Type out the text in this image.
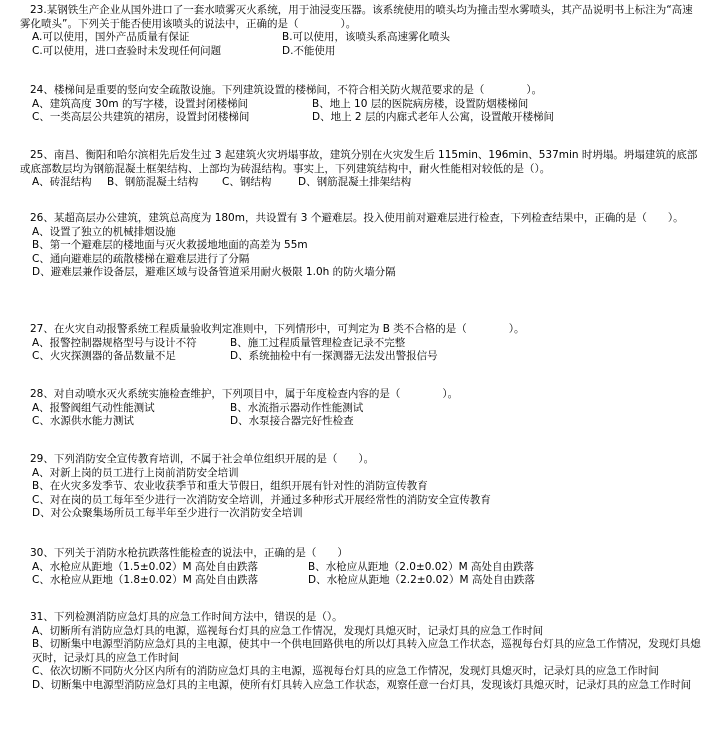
23.某钢铁生产企业从国外进口了一套水喷雾灭火系统，用于油浸变压器。该系统使用的喷头均为撞击型水雾喷头，其产品说明书上标注为“高速雾化喷头”。下列关于能否使用该喷头的说法中，正确的是（　　　　）。

A.可以使用，国外产品质量有保证	B.可以使用，该喷头系高速雾化喷头
C.可以使用，进口查验时未发现任何问题	D.不能使用

24、楼梯间是重要的竖向安全疏散设施。下列建筑设置的楼梯间，不符合相关防火规范要求的是（　　　　）。

A、建筑高度 30m 的写字楼，设置封闭楼梯间	B、地上 10 层的医院病房楼，设置防烟楼梯间
C、一类高层公共建筑的裙房，设置封闭楼梯间	D、地上 2 层的内廊式老年人公寓，设置敞开楼梯间

25、南昌、衡阳和哈尔滨相先后发生过 3 起建筑火灾坍塌事故，建筑分别在火灾发生后 115min、196min、537min 时坍塌。坍塌建筑的底部或底部数层均为钢筋混凝土框架结构、上部均为砖混结构。事实上，下列建筑结构中，耐火性能相对较低的是（）。

A、砖混结构	B、钢筋混凝土结构	C、钢结构	D、钢筋混凝土排架结构

26、某超高层办公建筑，建筑总高度为 180m，共设置有 3 个避难层。投入使用前对避难层进行检查，下列检查结果中，正确的是（　　）。

A、设置了独立的机械排烟设施
B、第一个避难层的楼地面与灭火救援地地面的高差为 55m
C、通向避难层的疏散楼梯在避难层进行了分隔
D、避难层兼作设备层，避难区域与设备管道采用耐火极限 1.0h 的防火墙分隔

27、在火灾自动报警系统工程质量验收判定准则中，下列情形中，可判定为 B 类不合格的是（　　　　）。

A、报警控制器规格型号与设计不符	B、施工过程质量管理检查记录不完整
C、火灾探测器的备品数量不足	D、系统抽检中有一探测器无法发出警报信号

28、对自动喷水灭火系统实施检查维护，下列项目中，属于年度检查内容的是（　　　　）。

A、报警阀组气动性能测试	B、水流指示器动作性能测试
C、水源供水能力测试	D、水泵接合器完好性检查

29、下列消防安全宣传教育培训，不属于社会单位组织开展的是（　　）。

A、对新上岗的员工进行上岗前消防安全培训
B、在火灾多发季节、农业收获季节和重大节假日，组织开展有针对性的消防宣传教育
C、对在岗的员工每年至少进行一次消防安全培训，并通过多种形式开展经常性的消防安全宣传教育
D、对公众聚集场所员工每半年至少进行一次消防安全培训

30、下列关于消防水枪抗跌落性能检查的说法中，正确的是（　　）

A、水枪应从距地（1.5±0.02）M 高处自由跌落	B、水枪应从距地（2.0±0.02）M 高处自由跌落
C、水枪应从距地（1.8±0.02）M 高处自由跌落	D、水枪应从距地（2.2±0.02）M 高处自由跌落

31、下列检测消防应急灯具的应急工作时间方法中，错误的是（）。

A、切断所有消防应急灯具的电源，巡视每台灯具的应急工作情况，发现灯具熄灭时，记录灯具的应急工作时间
B、切断集中电源型消防应急灯具的主电源，使其中一个供电回路供电的所以灯具转入应急工作状态，巡视每台灯具的应急工作情况，发现灯具熄灭时，记录灯具的应急工作时间
C、依次切断不同防火分区内所有的消防应急灯具的主电源，巡视每台灯具的应急工作情况，发现灯具熄灭时，记录灯具的应急工作时间
D、切断集中电源型消防应急灯具的主电源，使所有灯具转入应急工作状态，观察任意一台灯具，发现该灯具熄灭时，记录灯具的应急工作时间
